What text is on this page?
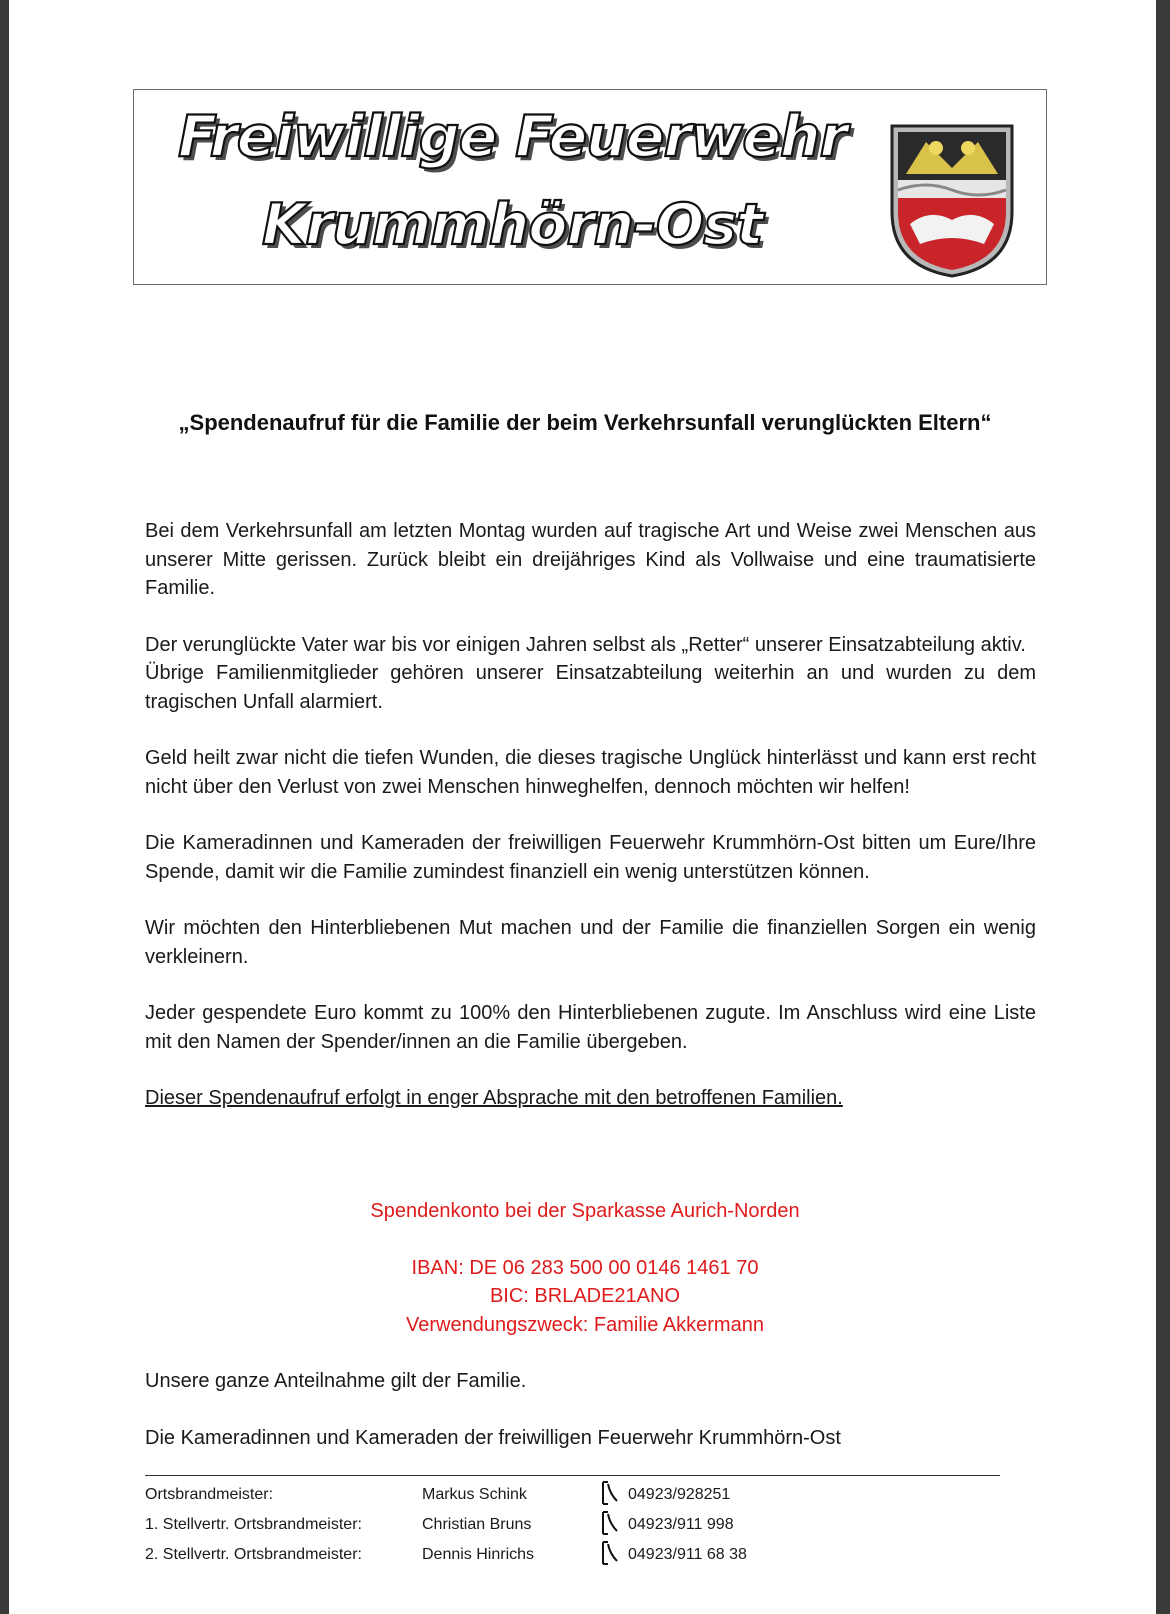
Freiwillige Feuerwehr
Krummhörn-Ost
„Spendenaufruf für die Familie der beim Verkehrsunfall verunglückten Eltern“

Bei dem Verkehrsunfall am letzten Montag wurden auf tragische Art und Weise zwei Menschen aus unserer Mitte gerissen. Zurück bleibt ein dreijähriges Kind als Vollwaise und eine traumatisierte Familie.

Der verunglückte Vater war bis vor einigen Jahren selbst als „Retter“ unserer Einsatzabteilung aktiv.

Übrige Familienmitglieder gehören unserer Einsatzabteilung weiterhin an und wurden zu dem tragischen Unfall alarmiert.

Geld heilt zwar nicht die tiefen Wunden, die dieses tragische Unglück hinterlässt und kann erst recht nicht über den Verlust von zwei Menschen hinweghelfen, dennoch möchten wir helfen!

Die Kameradinnen und Kameraden der freiwilligen Feuerwehr Krummhörn-Ost bitten um Eure/Ihre Spende, damit wir die Familie zumindest finanziell ein wenig unterstützen können.

Wir möchten den Hinterbliebenen Mut machen und der Familie die finanziellen Sorgen ein wenig verkleinern.

Jeder gespendete Euro kommt zu 100% den Hinterbliebenen zugute. Im Anschluss wird eine Liste mit den Namen der Spender/innen an die Familie übergeben.

Dieser Spendenaufruf erfolgt in enger Absprache mit den betroffenen Familien.

Spendenkonto bei der Sparkasse Aurich-Norden

IBAN: DE 06 283 500 00 0146 1461 70

BIC: BRLADE21ANO

Verwendungszweck: Familie Akkermann

Unsere ganze Anteilnahme gilt der Familie.

Die Kameradinnen und Kameraden der freiwilligen Feuerwehr Krummhörn-Ost

Ortsbrandmeister:	Markus Schink	04923/928251
1. Stellvertr. Ortsbrandmeister:	Christian Bruns	04923/911 998
2. Stellvertr. Ortsbrandmeister:	Dennis Hinrichs	04923/911 68 38
